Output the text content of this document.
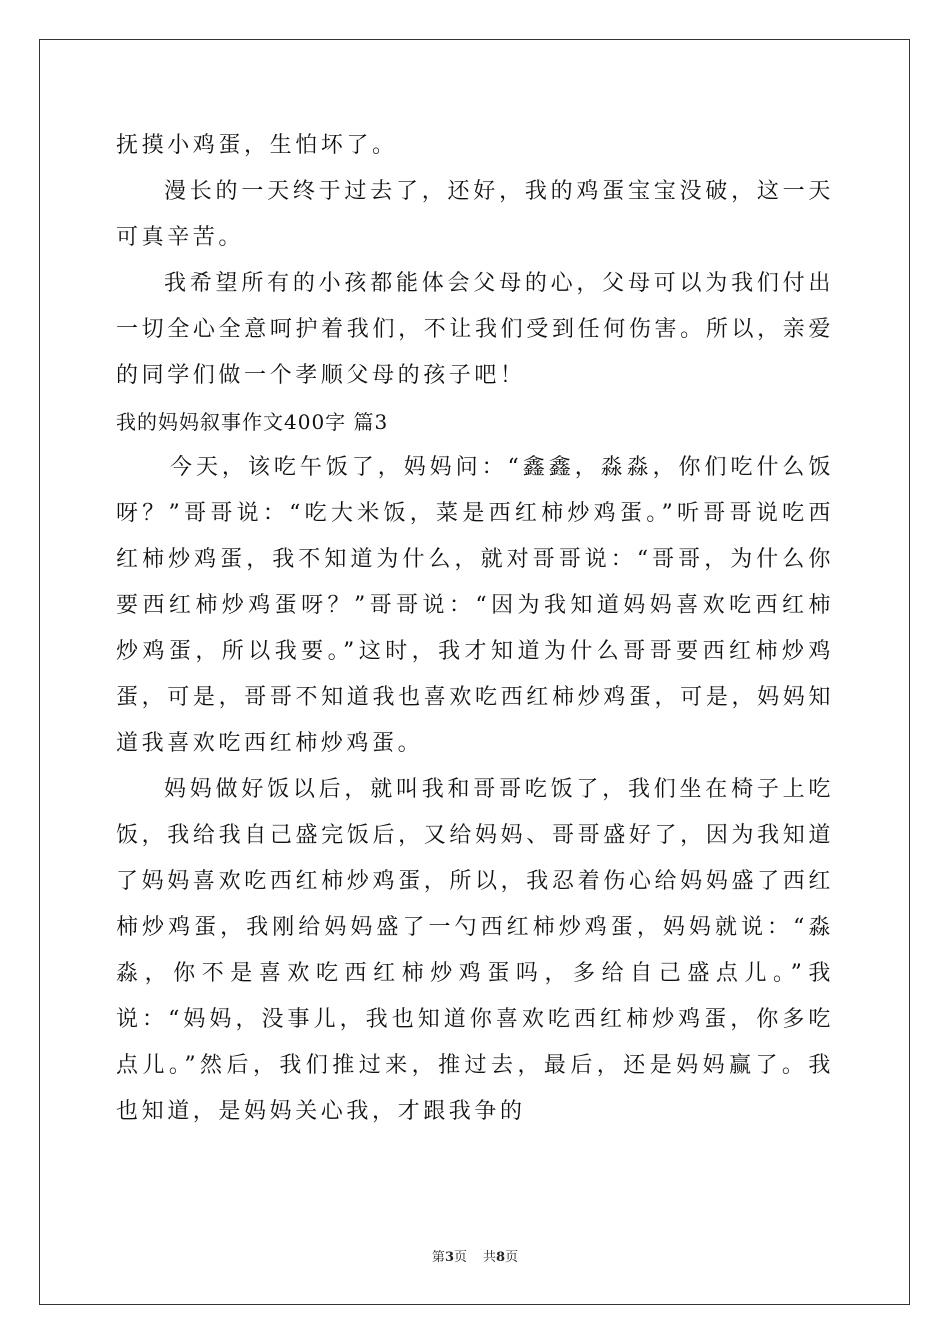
抚摸小鸡蛋，生怕坏了。

漫长的一天终于过去了，还好，我的鸡蛋宝宝没破，这一天可真辛苦。

我希望所有的小孩都能体会父母的心，父母可以为我们付出一切全心全意呵护着我们，不让我们受到任何伤害。所以，亲爱的同学们做一个孝顺父母的孩子吧！

我的妈妈叙事作文400字 篇3

今天，该吃午饭了，妈妈问：“鑫鑫，淼淼，你们吃什么饭呀？”哥哥说：“吃大米饭，菜是西红柿炒鸡蛋。”听哥哥说吃西红柿炒鸡蛋，我不知道为什么，就对哥哥说：“哥哥，为什么你要西红柿炒鸡蛋呀？”哥哥说：“因为我知道妈妈喜欢吃西红柿炒鸡蛋，所以我要。”这时，我才知道为什么哥哥要西红柿炒鸡蛋，可是，哥哥不知道我也喜欢吃西红柿炒鸡蛋，可是，妈妈知道我喜欢吃西红柿炒鸡蛋。

妈妈做好饭以后，就叫我和哥哥吃饭了，我们坐在椅子上吃饭，我给我自己盛完饭后，又给妈妈、哥哥盛好了，因为我知道了妈妈喜欢吃西红柿炒鸡蛋，所以，我忍着伤心给妈妈盛了西红柿炒鸡蛋，我刚给妈妈盛了一勺西红柿炒鸡蛋，妈妈就说：“淼淼，你不是喜欢吃西红柿炒鸡蛋吗，多给自己盛点儿。”我说：“妈妈，没事儿，我也知道你喜欢吃西红柿炒鸡蛋，你多吃点儿。”然后，我们推过来，推过去，最后，还是妈妈赢了。我也知道，是妈妈关心我，才跟我争的

第3页 共8页
